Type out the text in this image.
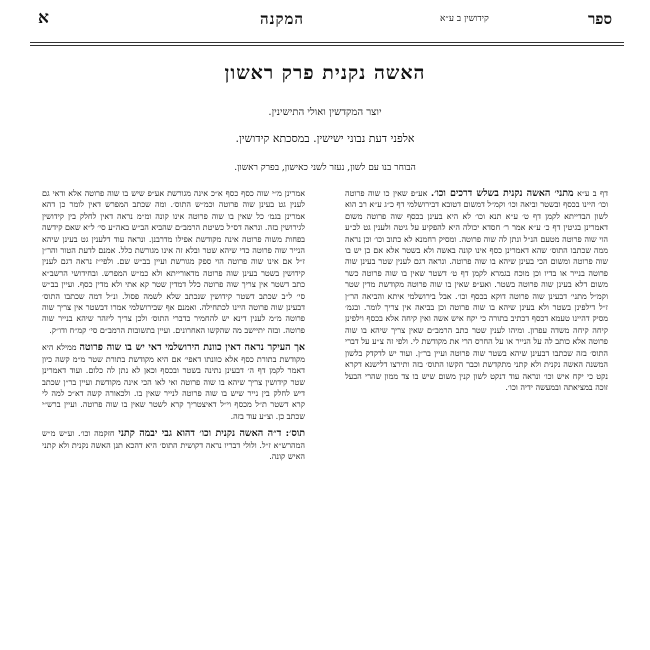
ספר
קידושין ב ע״א
המקנה
א
האשה נקנית פרק ראשון
יוצר המקדשין ואולי התישינין.
אלפני דעת נבוני ישישין. במסכתא קידושין.
הבוחר בנו עם לשון, נעזר לשני כאישון, בפרק ראשון.

דף ב ע״א מתני׳ האשה נקנית בשלש דרכים וכו׳. אע״פ שאין כו שוה פרוטה וכו׳ היינו בכסף ובשטר וביאה וכו׳ וקמ״ל דמשום דטובא דבירושלמי דף כ״ג ע״א רב הוא לשון הבדייתא לקמן דף ט׳ ע״א תנא וכו׳ לא היא בעינן בכסף שוה פרוטה משום דאמרינן בגיטין דף כ׳ ע״א אמר ר׳ חסדא יכולה היא להפקיע על גיטה ולענין גט לכ״ע הוי שוה פרוטה מטעם הנ״ל ונתן לה שוה פרוטה. ומסיק רחמנא לא כתוב וכו׳ וכן נראה ממה שכתבו התוס׳ שהא דאמרינן כסף אינו קונה באשה ולא בשטר אלא אם כן יש בו שוה פרוטה ומשום הכי בעינן שיהא בו שוה פרוטה. ונראה דגם לענין שטר בעינן שוה פרוטה בנייר או בדיו וכן מוכח בגמרא לקמן דף ט׳ דשטר שאין בו שוה פרוטה כשר משום דלא בעינן שוה פרוטה בשטר. ואע״פ שאין בו שוה פרוטה מקודשת מדין שטר וקמ״ל מתני׳ דבעינן שוה פרוטה דוקא בכסף וכו׳. אבל בירושלמי איתא והביאה הר״ן ז״ל דילפינן בשטר ולא בעינן שיהא בו שוה פרוטה וכן בביאה אין צריך לומר. ובגמ׳ מסיק דהיינו טעמא דכסף דכתיב בתורה כי יקח איש אשה ואין קיחה אלא בכסף וילפינן קיחה קיחה משדה עפרון. ומיהו לענין שטר כתב הרמב״ם שאין צריך שיהא בו שוה פרוטה אלא כותב לה על הנייר או על החרס הרי את מקודשת לי. ולפי זה צ״ע על דברי התוס׳ בזה שכתבו דבעינן שיהא בשטר שוה פרוטה ועיין בר״ן. ועוד יש לדקדק בלשון המשנה האשה נקנית ולא קתני מתקדשת וכבר הקשו התוס׳ בזה ותירצו דלישנא דקרא נקט כי יקח איש וכו׳ ונראה עוד דנקט לשון קנין משום שיש בו צד ממון שהרי הבעל זוכה במציאתה ובמעשה ידיה וכו׳.

אמרינן מ״י שוה כסף כסף א״כ אינה מגורשת אע״פ שיש בו שוה פרוטה אלא ודאי גם לענין גט בעינן שוה פרוטה וכמ״ש התוס׳. ומה שכתב המפרש דאין לומר כן דהא אמרינן בגמ׳ כל שאין בו שוה פרוטה אינו קונה ומ״מ נראה דאין לחלק בין קידושין לגירושין בזה. ונראה דס״ל כשיטת הרמב״ם שהביא הב״ש באה״ע סי׳ ל״א שאם קידשה בפחות משוה פרוטה אינה מקודשת אפילו מדרבנן. ונראה עוד דלענין גט בעינן שיהא הנייר שוה פרוטה כדי שיהא שטר ובלא זה אינו מגורשת כלל. אמנם לדעת הטור והר״ן ז״ל אם אינו שוה פרוטה הוי ספק מגורשת ועיין בב״ש שם. ולפי״ז נראה דגם לענין קידושין בשטר בעינן שוה פרוטה מדאורייתא ולא כמ״ש המפרש. ובחידושי הרשב״א כתב דשטר אין צריך שוה פרוטה כלל דמדין שטר קא אתי ולא מדין כסף. ועיין בב״ש סי׳ ל״ב שכתב דשטר קידושין שנכתב שלא לשמה פסול. ונ״ל דמה שכתבו התוס׳ דבעינן שוה פרוטה היינו לכתחילה. ואמנם אף שבירושלמי אמרו דבשטר אין צריך שוה פרוטה מ״מ לענין דינא יש להחמיר כדברי התוס׳ ולכן צריך ליזהר שיהא בנייר שוה פרוטה. ובזה יתיישב מה שהקשו האחרונים. ועיין בתשובות הרמב״ם סי׳ קמ״ח ודו״ק.

אך העיקר נראה דאין כוונת הירושלמי דאי יש בו שוה פרוטה ממילא היא מקודשת בתורת כסף אלא כוונתו דאפי׳ אם היא מקודשת בתורת שטר מ״מ קשה כיון דאמר לקמן דף ה׳ דבעינן נתינה בשטר ובכסף וכאן לא נתן לה כלום. ועוד דאמרינן שטר קידושין צריך שיהא בו שוה פרוטה ואי לאו הכי אינה מקודשת ועיין בר״ן שכתב דיש לחלק בין נייר שיש בו שוה פרוטה לנייר שאין בו. ולכאורה קשה דא״כ למה לי קרא דשטר ת״ל מכסף וי״ל דאיצטריך קרא לשטר שאין בו שוה פרוטה. ועיין ברש״י שכתב כן. וצ״ע עוד בזה.

תוס׳: ד״ה האשה נקנית וכו׳ דהוא גבי יבמה קתני חזקמה וכו׳. וע״ש מ״ש המהרש״א ז״ל. ולולי דבריו נראה דקושית התוס׳ היא דהכא תנן האשה נקנית ולא קתני האיש קונה.
